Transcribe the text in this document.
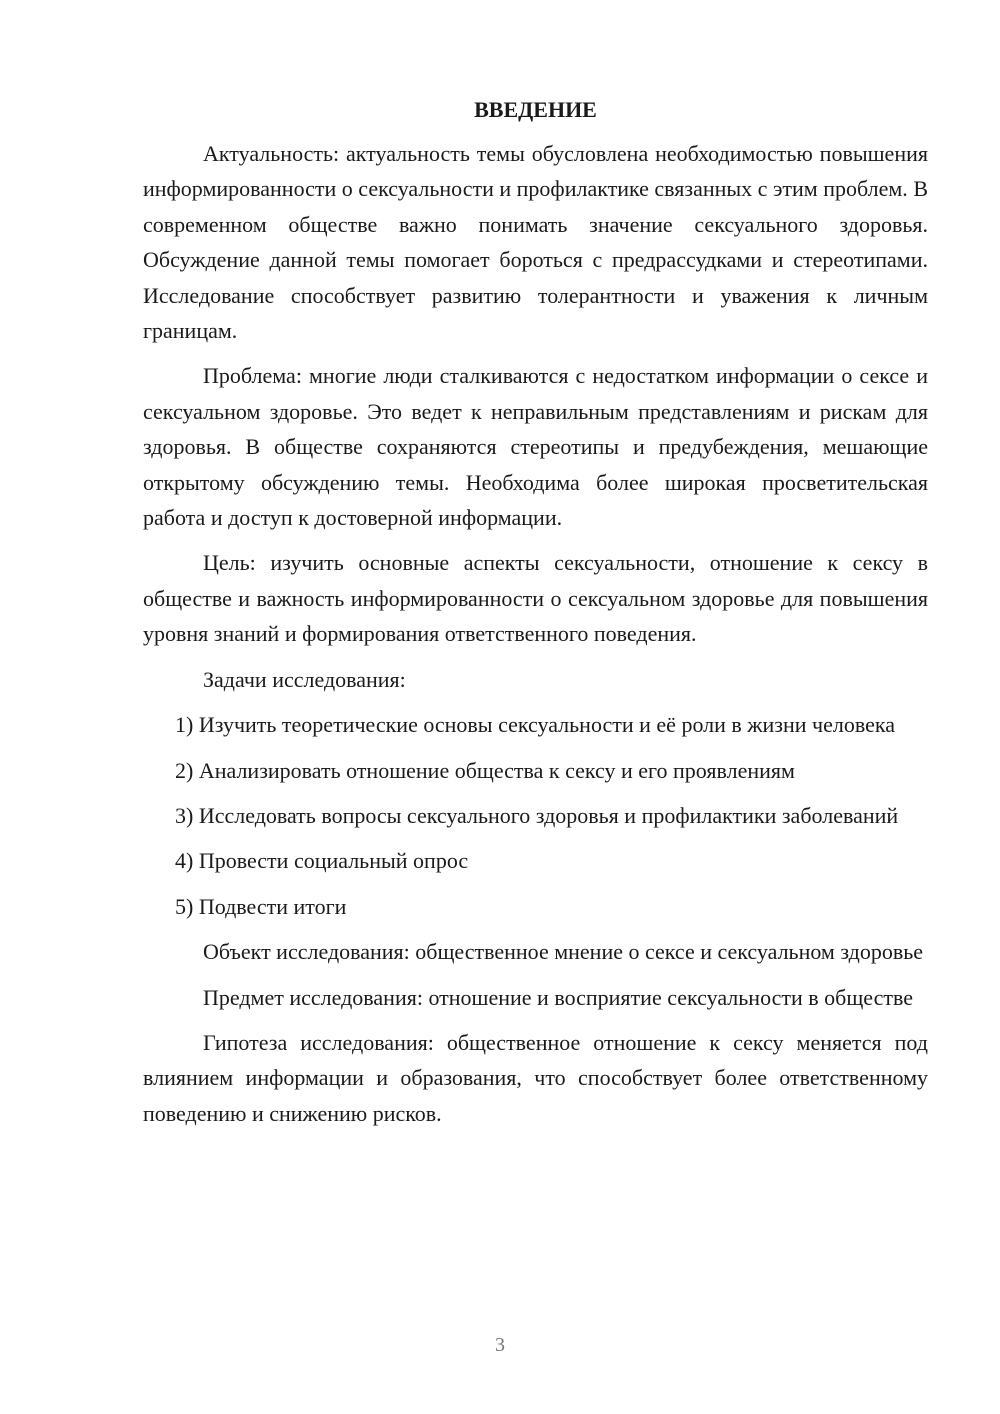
ВВЕДЕНИЕ

Актуальность: актуальность темы обусловлена необходимостью повышения информированности о сексуальности и профилактике связанных с этим проблем. В современном обществе важно понимать значение сексуального здоровья. Обсуждение данной темы помогает бороться с предрассудками и стереотипами. Исследование способствует развитию толерантности и уважения к личным границам.

Проблема: многие люди сталкиваются с недостатком информации о сексе и сексуальном здоровье. Это ведет к неправильным представлениям и рискам для здоровья. В обществе сохраняются стереотипы и предубеждения, мешающие открытому обсуждению темы. Необходима более широкая просветительская работа и доступ к достоверной информации.

Цель: изучить основные аспекты сексуальности, отношение к сексу в обществе и важность информированности о сексуальном здоровье для повышения уровня знаний и формирования ответственного поведения.

Задачи исследования:

1) Изучить теоретические основы сексуальности и её роли в жизни человека

2) Анализировать отношение общества к сексу и его проявлениям

3) Исследовать вопросы сексуального здоровья и профилактики заболеваний

4) Провести социальный опрос

5) Подвести итоги

Объект исследования: общественное мнение о сексе и сексуальном здоровье

Предмет исследования: отношение и восприятие сексуальности в обществе

Гипотеза исследования: общественное отношение к сексу меняется под влиянием информации и образования, что способствует более ответственному поведению и снижению рисков.

3
